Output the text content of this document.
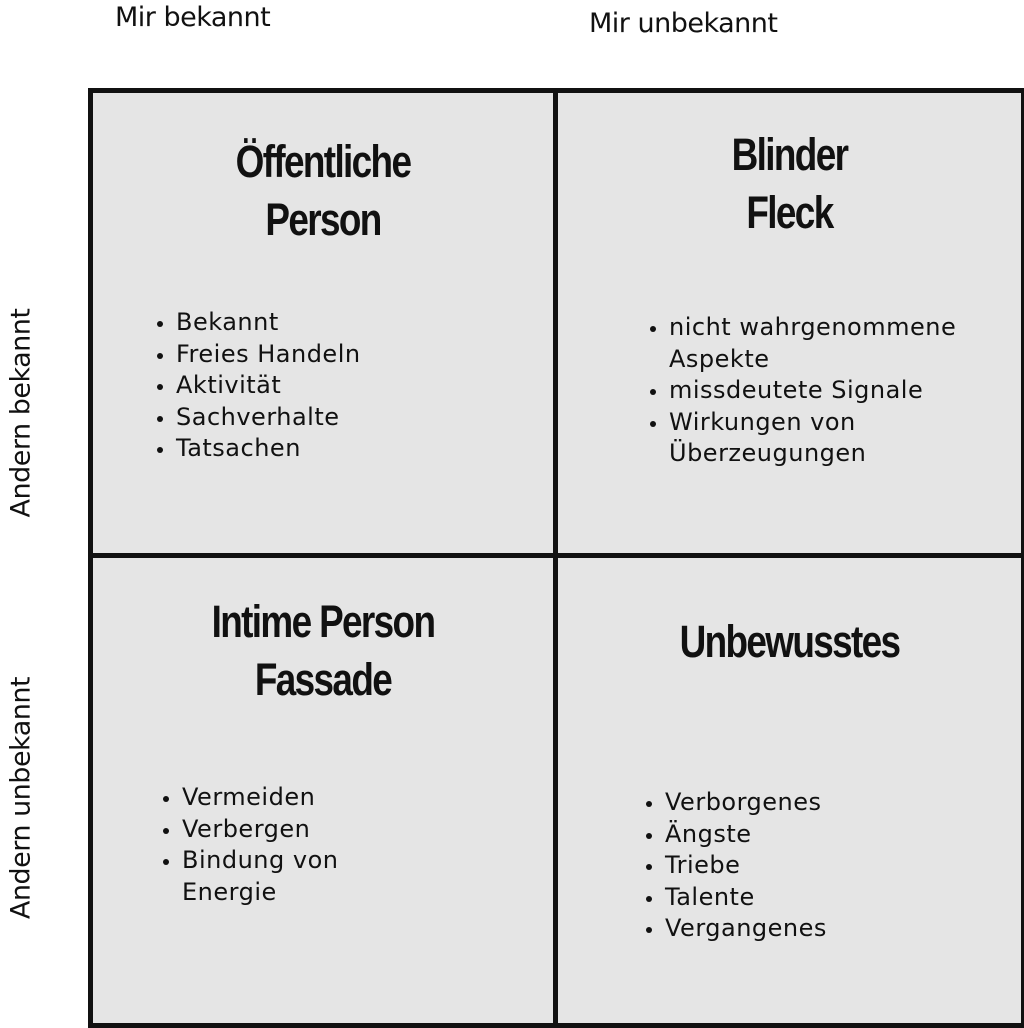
Mir bekannt	Mir unbekannt
Andern bekannt
Andern unbekannt
Öffentliche
Person
• Bekannt
• Freies Handeln
• Aktivität
• Sachverhalte
• Tatsachen
Blinder
Fleck
• nicht wahrgenommene Aspekte
• missdeutete Signale
• Wirkungen von Überzeugungen
Intime Person
Fassade
• Vermeiden
• Verbergen
• Bindung von Energie
Unbewusstes
• Verborgenes
• Ängste
• Triebe
• Talente
• Vergangenes
